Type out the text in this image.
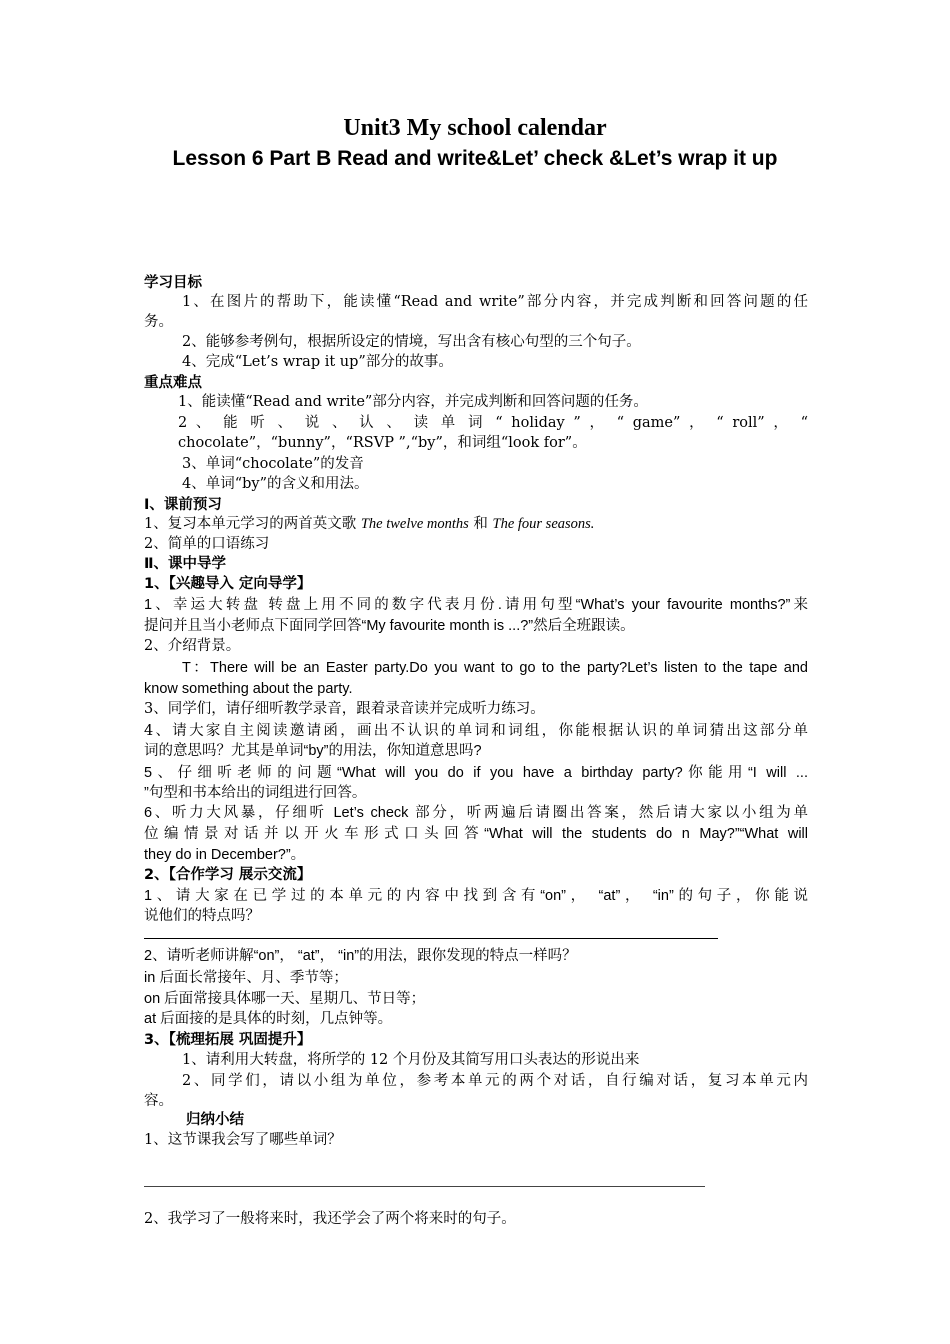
Unit3 My school calendar
Lesson 6 Part B Read and write&Let’ check &Let’s wrap it up
学习目标
1、在图片的帮助下，能读懂“Read and write”部分内容，并完成判断和回答问题的任
务。
2、能够参考例句，根据所设定的情境，写出含有核心句型的三个句子。
4、完成“Let’s wrap it up”部分的故事。
重点难点
1、能读懂“Read and write”部分内容，并完成判断和回答问题的任务。
2 、 能 听 、 说 、 认 、 读 单 词 “ holiday ” ， “ game” ， “ roll” ， “
chocolate”，“bunny”，“RSVP ”,“by”，和词组“look for”。
3、单词“chocolate”的发音
4、单词“by”的含义和用法。
Ⅰ、课前预习
1、复习本单元学习的两首英文歌 The twelve months 和 The four seasons.
2、简单的口语练习
Ⅱ、课中导学
1、【兴趣导入 定向导学】
1、幸运大转盘 转盘上用不同的数字代表月份.请用句型“What’s your favourite months?”来
提问并且当小老师点下面同学回答“My favourite month is ...?”然后全班跟读。
2、介绍背景。
T：There will be an Easter party.Do you want to go to the party?Let’s listen to the tape and
know something about the party.
3、同学们，请仔细听教学录音，跟着录音读并完成听力练习。
4、请大家自主阅读邀请函，画出不认识的单词和词组，你能根据认识的单词猜出这部分单
词的意思吗？尤其是单词“by”的用法，你知道意思吗?
5、仔细听老师的问题“What will you do if you have a birthday party?你能用“I will ...
”句型和书本给出的词组进行回答。
6、听力大风暴，仔细听 Let’s check 部分，听两遍后请圈出答案，然后请大家以小组为单
位编情景对话并以开火车形式口头回答“What will the students do n May?”“What will
they do in December?”。
2、【合作学习 展示交流】
1、请大家在已学过的本单元的内容中找到含有“on”， “at”， “in”的句子，你能说
说他们的特点吗？
2、请听老师讲解“on”， “at”， “in”的用法，跟你发现的特点一样吗？
in 后面长常接年、月、季节等；
on 后面常接具体哪一天、星期几、节日等；
at 后面接的是具体的时刻，几点钟等。
3、【梳理拓展 巩固提升】
1、请利用大转盘，将所学的 12 个月份及其简写用口头表达的形说出来
2、同学们，请以小组为单位，参考本单元的两个对话，自行编对话，复习本单元内
容。
归纳小结
1、这节课我会写了哪些单词？
2、我学习了一般将来时，我还学会了两个将来时的句子。
